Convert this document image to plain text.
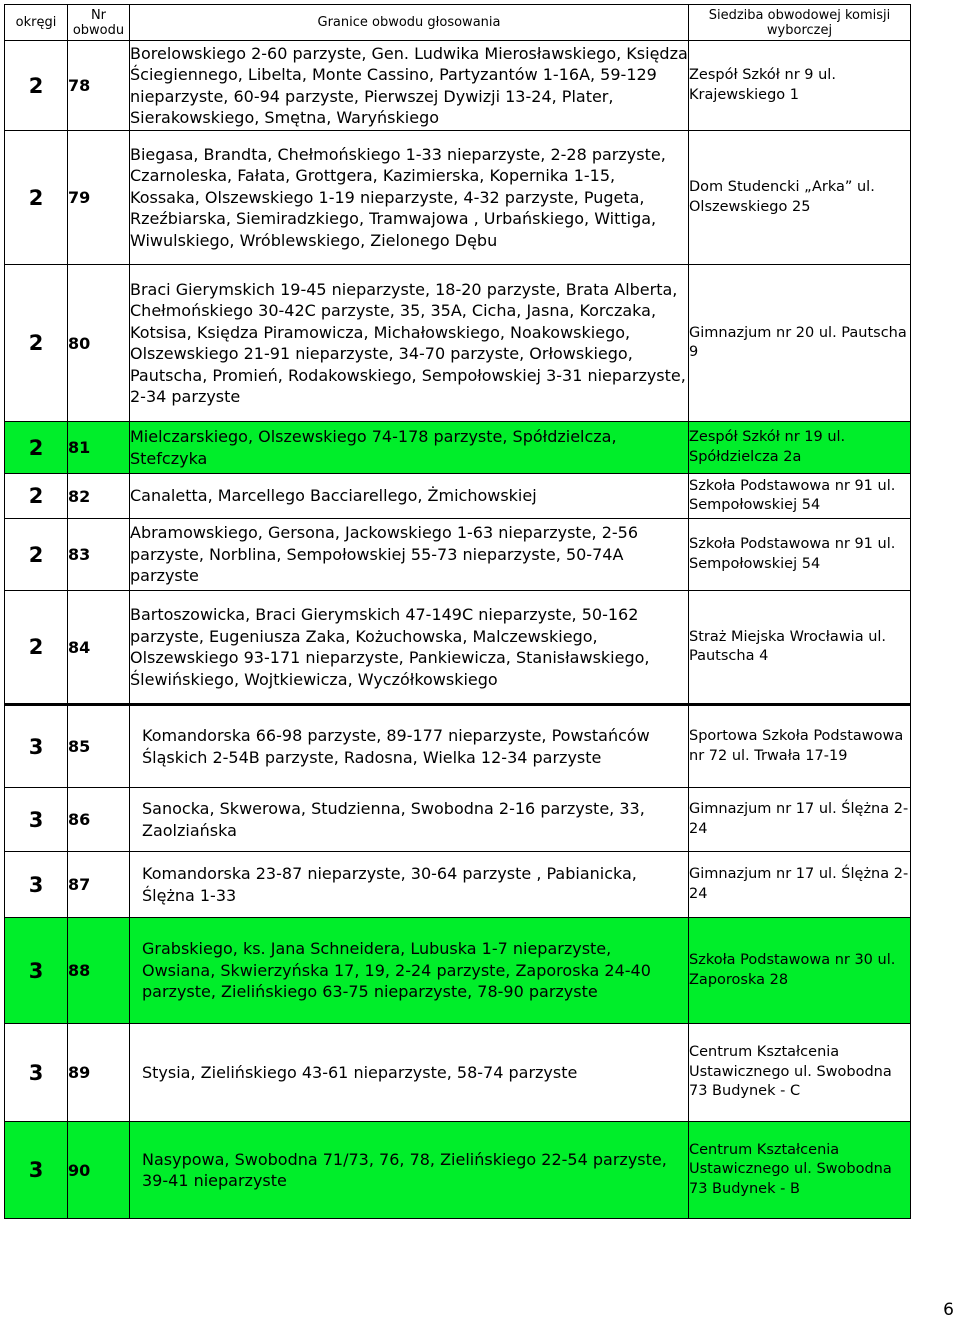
okręgi	Nr obwodu	Granice obwodu głosowania	Siedziba obwodowej komisji wyborczej
2	78	Borelowskiego 2-60 parzyste, Gen. Ludwika Mierosławskiego, Księdza Ściegiennego, Libelta, Monte Cassino, Partyzantów 1-16A, 59-129 nieparzyste, 60-94 parzyste, Pierwszej Dywizji 13-24, Plater, Sierakowskiego, Smętna, Waryńskiego	Zespół Szkół nr 9 ul. Krajewskiego 1
2	79	Biegasa, Brandta, Chełmońskiego 1-33 nieparzyste, 2-28 parzyste, Czarnoleska, Fałata, Grottgera, Kazimierska, Kopernika 1-15, Kossaka, Olszewskiego 1-19 nieparzyste, 4-32 parzyste, Pugeta, Rzeźbiarska, Siemiradzkiego, Tramwajowa , Urbańskiego, Wittiga, Wiwulskiego, Wróblewskiego, Zielonego Dębu	Dom Studencki „Arka” ul. Olszewskiego 25
2	80	Braci Gierymskich 19-45 nieparzyste, 18-20 parzyste, Brata Alberta, Chełmońskiego 30-42C parzyste, 35, 35A, Cicha, Jasna, Korczaka, Kotsisa, Księdza Piramowicza, Michałowskiego, Noakowskiego, Olszewskiego 21-91 nieparzyste, 34-70 parzyste, Orłowskiego, Pautscha, Promień, Rodakowskiego, Sempołowskiej 3-31 nieparzyste, 2-34 parzyste	Gimnazjum nr 20 ul. Pautscha 9
2	81	Mielczarskiego, Olszewskiego 74-178 parzyste, Spółdzielcza, Stefczyka	Zespół Szkół nr 19 ul. Spółdzielcza 2a
2	82	Canaletta, Marcellego Bacciarellego, Żmichowskiej	Szkoła Podstawowa nr 91 ul. Sempołowskiej 54
2	83	Abramowskiego, Gersona, Jackowskiego 1-63 nieparzyste, 2-56 parzyste, Norblina, Sempołowskiej 55-73 nieparzyste, 50-74A parzyste	Szkoła Podstawowa nr 91 ul. Sempołowskiej 54
2	84	Bartoszowicka, Braci Gierymskich 47-149C nieparzyste, 50-162 parzyste, Eugeniusza Zaka, Kożuchowska, Malczewskiego, Olszewskiego 93-171 nieparzyste, Pankiewicza, Stanisławskiego, Ślewińskiego, Wojtkiewicza, Wyczółkowskiego	Straż Miejska Wrocławia ul. Pautscha 4
3	85	Komandorska 66-98 parzyste, 89-177 nieparzyste, Powstańców Śląskich 2-54B parzyste, Radosna, Wielka 12-34 parzyste	Sportowa Szkoła Podstawowa nr 72 ul. Trwała 17-19
3	86	Sanocka, Skwerowa, Studzienna, Swobodna 2-16 parzyste, 33, Zaolziańska	Gimnazjum nr 17 ul. Ślężna 2-24
3	87	Komandorska 23-87 nieparzyste, 30-64 parzyste , Pabianicka, Ślężna 1-33	Gimnazjum nr 17 ul. Ślężna 2-24
3	88	Grabskiego, ks. Jana Schneidera, Lubuska 1-7 nieparzyste, Owsiana, Skwierzyńska 17, 19, 2-24 parzyste, Zaporoska 24-40 parzyste, Zielińskiego 63-75 nieparzyste, 78-90 parzyste	Szkoła Podstawowa nr 30 ul. Zaporoska 28
3	89	Stysia, Zielińskiego 43-61 nieparzyste, 58-74 parzyste	Centrum Kształcenia Ustawicznego ul. Swobodna 73 Budynek - C
3	90	Nasypowa, Swobodna 71/73, 76, 78, Zielińskiego 22-54 parzyste, 39-41 nieparzyste	Centrum Kształcenia Ustawicznego ul. Swobodna 73 Budynek - B
6
